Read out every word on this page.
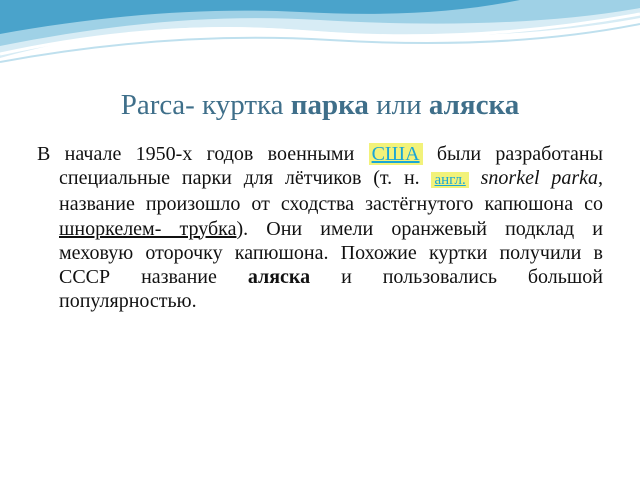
Parca- куртка парка или аляска

В начале 1950-х годов военными США были разработаны специальные парки для лётчиков (т. н. англ. snorkel parka, название произошло от сходства застёгнутого капюшона со шноркелем- трубка). Они имели оранжевый подклад и меховую оторочку капюшона. Похожие куртки получили в СССР название аляска и пользовались большой популярностью.
